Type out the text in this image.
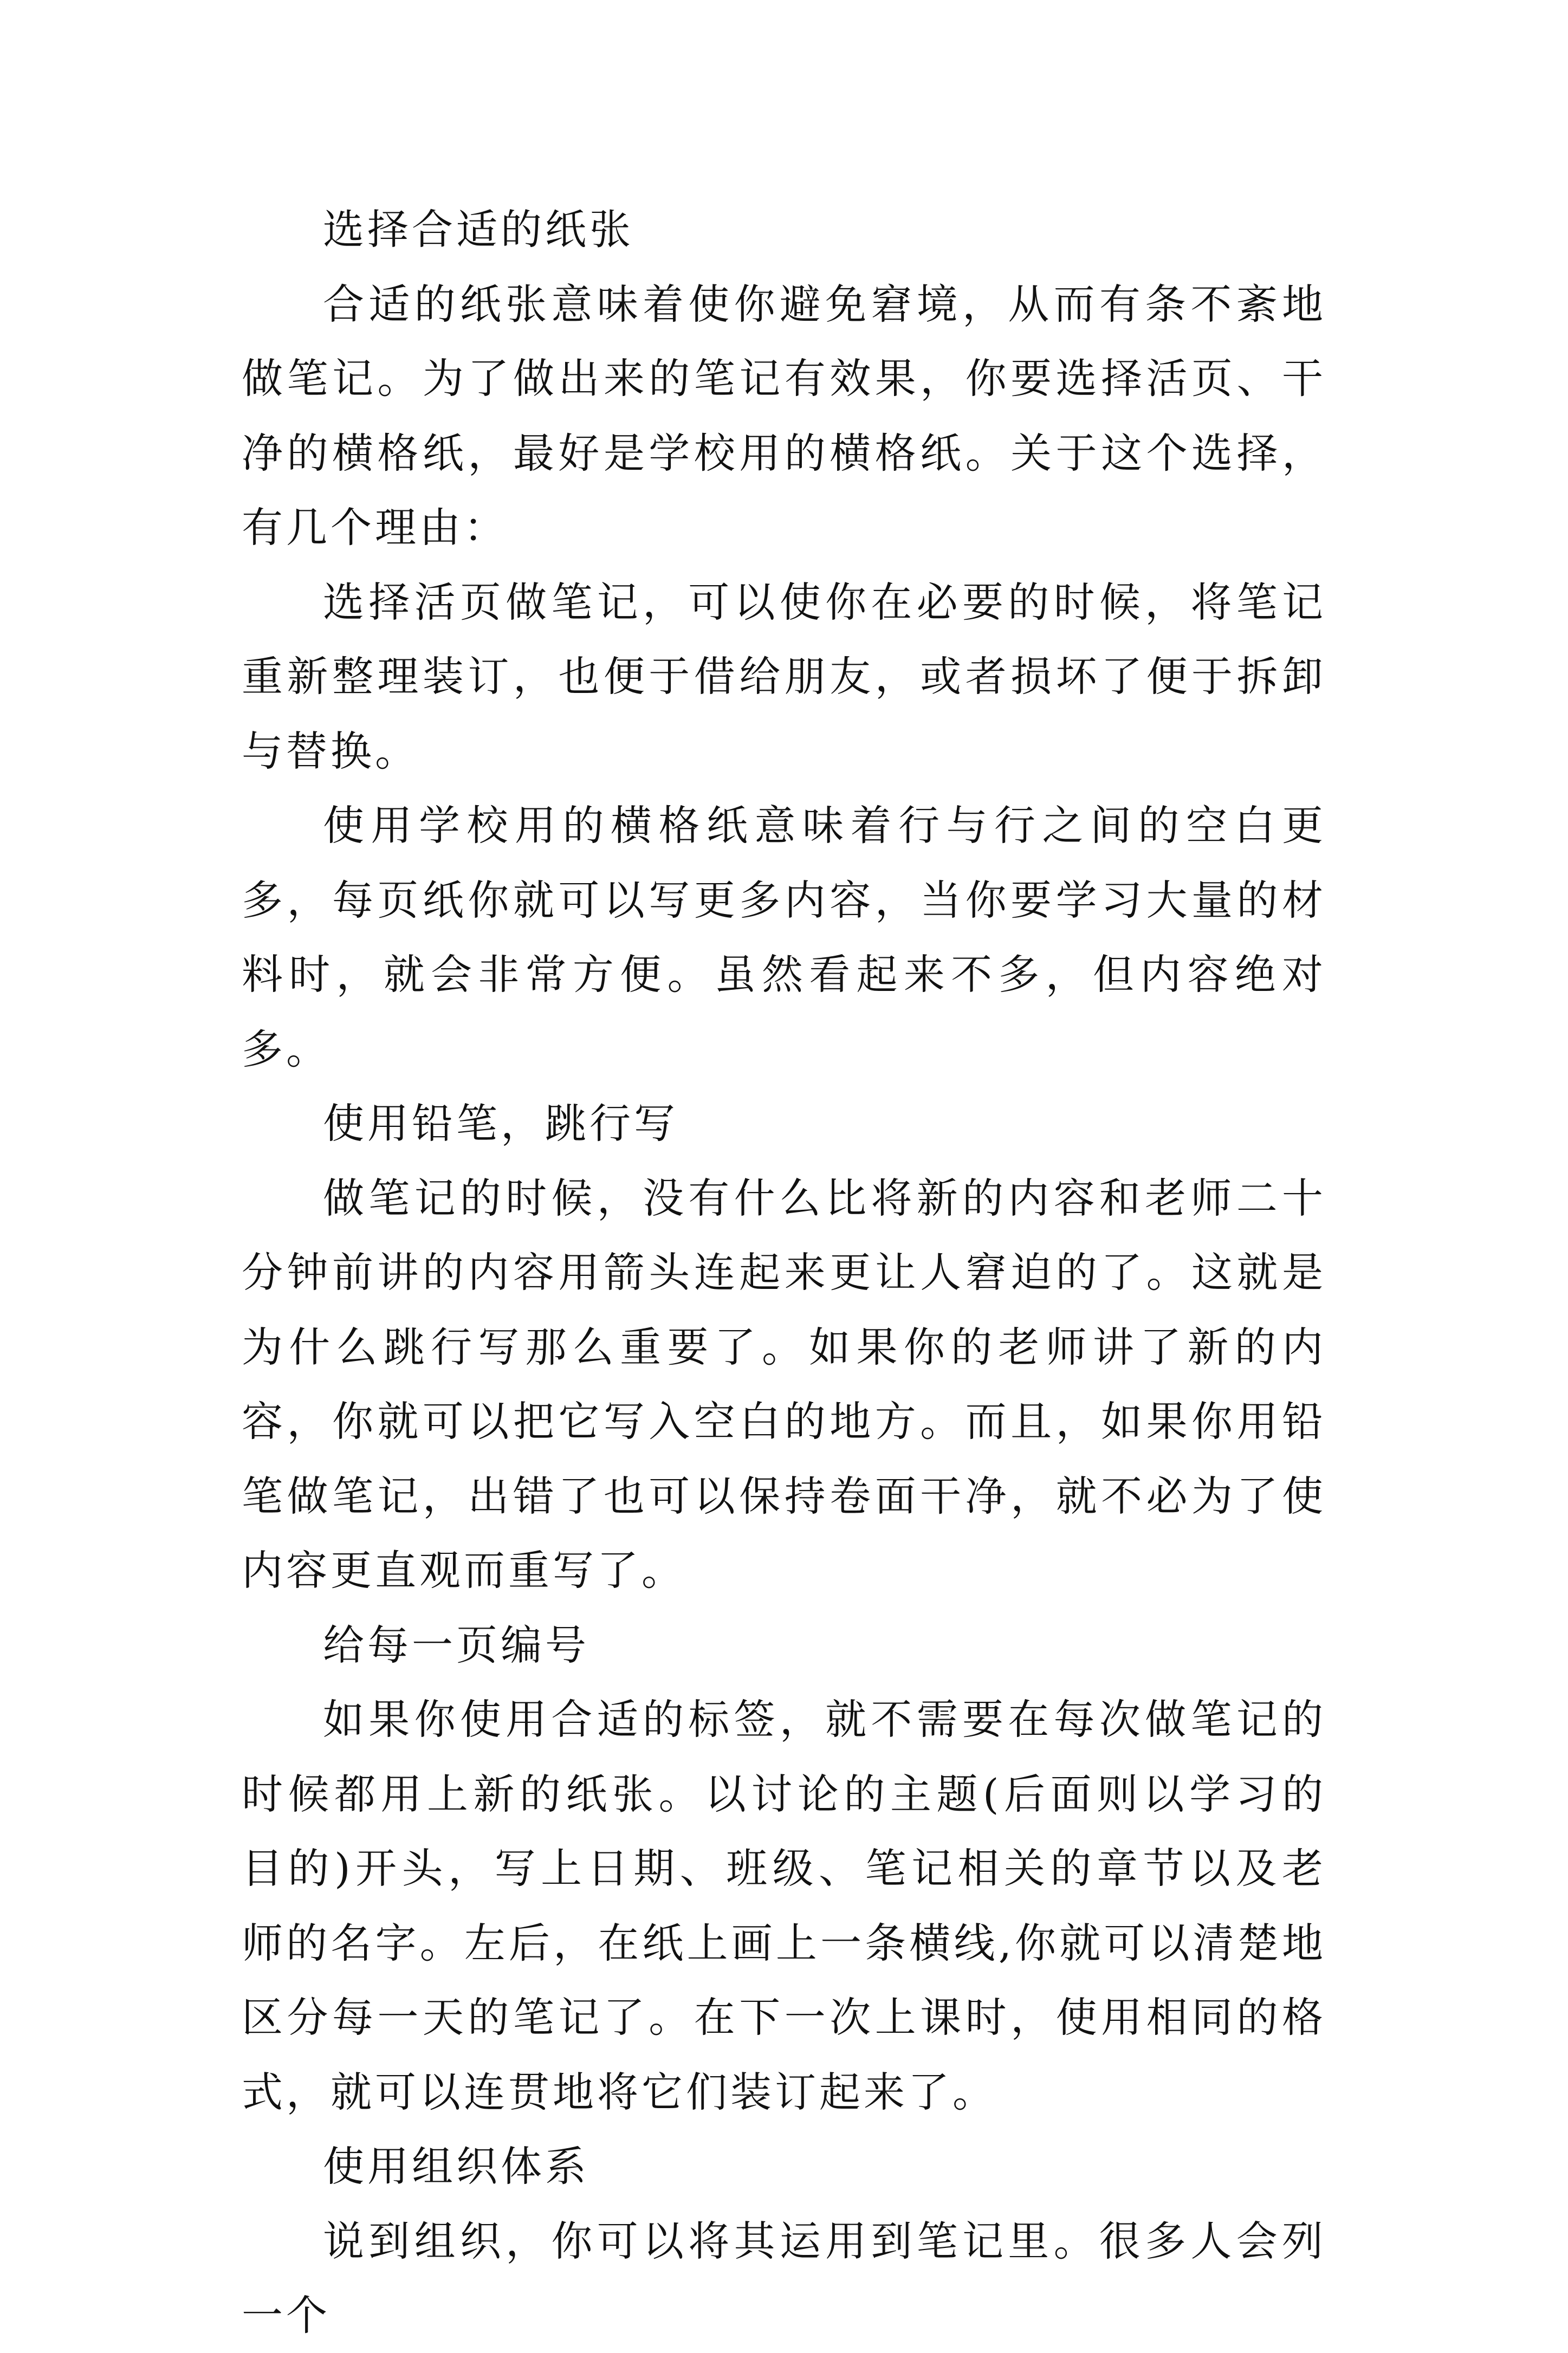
选择合适的纸张

合适的纸张意味着使你避免窘境，从而有条不紊地做笔记。为了做出来的笔记有效果，你要选择活页、干净的横格纸，最好是学校用的横格纸。关于这个选择，有几个理由：

选择活页做笔记，可以使你在必要的时候，将笔记重新整理装订，也便于借给朋友，或者损坏了便于拆卸与替换。

使用学校用的横格纸意味着行与行之间的空白更多，每页纸你就可以写更多内容，当你要学习大量的材料时，就会非常方便。虽然看起来不多，但内容绝对多。

使用铅笔，跳行写

做笔记的时候，没有什么比将新的内容和老师二十分钟前讲的内容用箭头连起来更让人窘迫的了。这就是为什么跳行写那么重要了。如果你的老师讲了新的内容，你就可以把它写入空白的地方。而且，如果你用铅笔做笔记，出错了也可以保持卷面干净，就不必为了使内容更直观而重写了。

给每一页编号

如果你使用合适的标签，就不需要在每次做笔记的时候都用上新的纸张。以讨论的主题(后面则以学习的目的)开头，写上日期、班级、笔记相关的章节以及老师的名字。左后，在纸上画上一条横线,你就可以清楚地区分每一天的笔记了。在下一次上课时，使用相同的格式，就可以连贯地将它们装订起来了。

使用组织体系

说到组织，你可以将其运用到笔记里。很多人会列一个
